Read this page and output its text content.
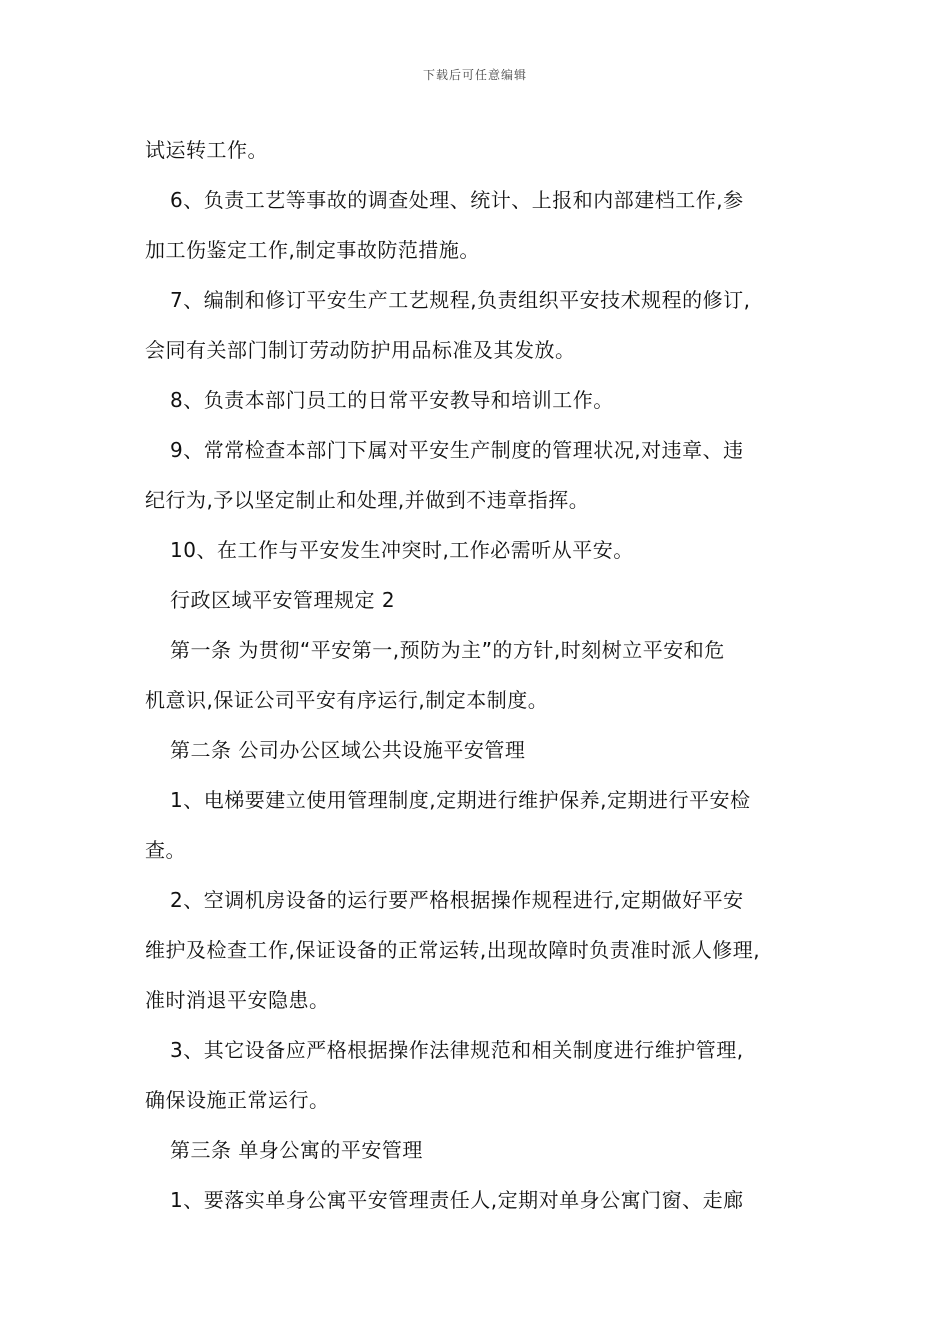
下载后可任意编辑
试运转工作。
6、负责工艺等事故的调查处理、统计、上报和内部建档工作,参
加工伤鉴定工作,制定事故防范措施。
7、编制和修订平安生产工艺规程,负责组织平安技术规程的修订,
会同有关部门制订劳动防护用品标准及其发放。
8、负责本部门员工的日常平安教导和培训工作。
9、常常检查本部门下属对平安生产制度的管理状况,对违章、违
纪行为,予以坚定制止和处理,并做到不违章指挥。
10、在工作与平安发生冲突时,工作必需听从平安。
行政区域平安管理规定 2
第一条 为贯彻“平安第一,预防为主”的方针,时刻树立平安和危
机意识,保证公司平安有序运行,制定本制度。
第二条 公司办公区域公共设施平安管理
1、电梯要建立使用管理制度,定期进行维护保养,定期进行平安检
查。
2、空调机房设备的运行要严格根据操作规程进行,定期做好平安
维护及检查工作,保证设备的正常运转,出现故障时负责准时派人修理,
准时消退平安隐患。
3、其它设备应严格根据操作法律规范和相关制度进行维护管理,
确保设施正常运行。
第三条 单身公寓的平安管理
1、要落实单身公寓平安管理责任人,定期对单身公寓门窗、走廊
